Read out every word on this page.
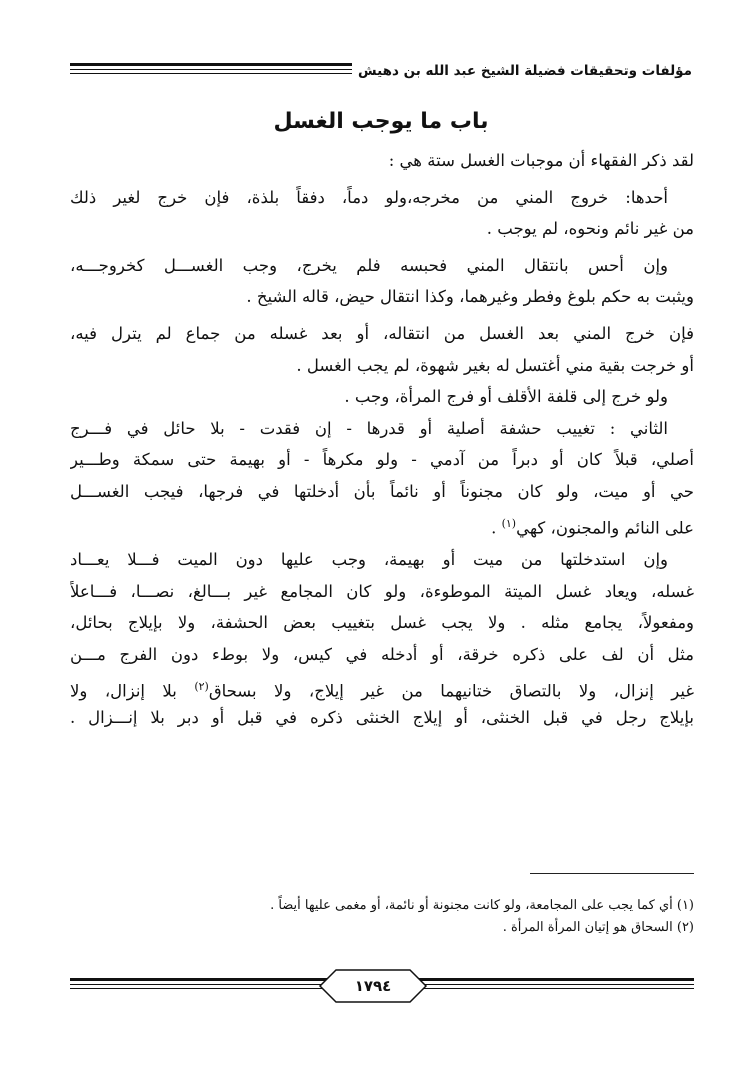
مؤلفات وتحقيقات فضيلة الشيخ عبد الله بن دهيش
باب ما يوجب الغسل
لقد ذكر الفقهاء أن موجبات الغسل ستة هي :
أحدها: خروج المني من مخرجه،ولو دماً، دفقاً بلذة، فإن خرج لغير ذلك
من غير نائم ونحوه، لم يوجب .
وإن أحس بانتقال المني فحبسه فلم يخرج، وجب الغســـل كخروجـــه،
ويثبت به حكم بلوغ وفطر وغيرهما، وكذا انتقال حيض، قاله الشيخ .
فإن خرج المني بعد الغسل من انتقاله، أو بعد غسله من جماع لم يترل فيه،
أو خرجت بقية مني أغتسل له بغير شهوة، لم يجب الغسل .
ولو خرج إلى قلفة الأقلف أو فرج المرأة، وجب .
الثاني : تغييب حشفة أصلية أو قدرها - إن فقدت - بلا حائل في فـــرج
أصلي، قبلاً كان أو دبراً من آدمي - ولو مكرهاً - أو بهيمة حتى سمكة وطـــير
حي أو ميت، ولو كان مجنوناً أو نائماً بأن أدخلتها في فرجها، فيجب الغســـل
على النائم والمجنون، كهي$^{(١)}$ .
وإن استدخلتها من ميت أو بهيمة، وجب عليها دون الميت فـــلا يعـــاد
غسله، ويعاد غسل الميتة الموطوءة، ولو كان المجامع غير بـــالغ، نصـــا، فـــاعلاً
ومفعولاً، يجامع مثله . ولا يجب غسل بتغييب بعض الحشفة، ولا بإيلاج بحائل،
مثل أن لف على ذكره خرقة، أو أدخله في كيس، ولا بوطء دون الفرج مـــن
غير إنزال، ولا بالتصاق ختانيهما من غير إيلاج، ولا بسحاق$^{(٢)}$ بلا إنزال، ولا
بإيلاج رجل في قبل الخنثى، أو إيلاج الخنثى ذكره في قبل أو دبر بلا إنـــزال .
(١) أي كما يجب على المجامعة، ولو كانت مجنونة أو نائمة، أو مغمى عليها أيضاً .
(٢) السحاق هو إتيان المرأة المرأة .
١٧٩٤
